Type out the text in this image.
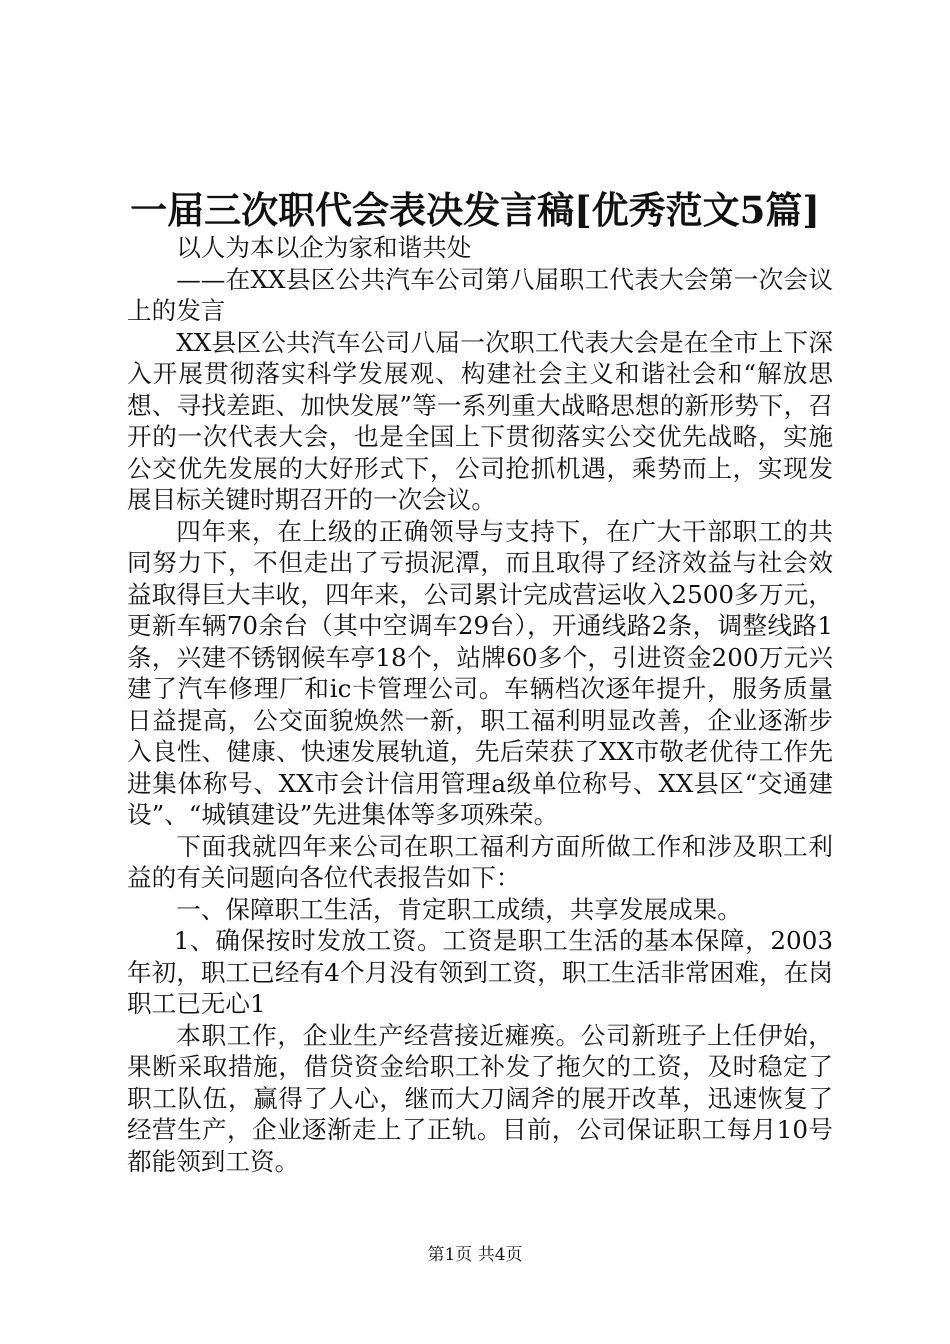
一届三次职代会表决发言稿[优秀范文5篇]

以人为本以企为家和谐共处

——在XX县区公共汽车公司第八届职工代表大会第一次会议上的发言

XX县区公共汽车公司八届一次职工代表大会是在全市上下深入开展贯彻落实科学发展观、构建社会主义和谐社会和“解放思想、寻找差距、加快发展”等一系列重大战略思想的新形势下，召开的一次代表大会，也是全国上下贯彻落实公交优先战略，实施公交优先发展的大好形式下，公司抢抓机遇，乘势而上，实现发展目标关键时期召开的一次会议。

四年来，在上级的正确领导与支持下，在广大干部职工的共同努力下，不但走出了亏损泥潭，而且取得了经济效益与社会效益取得巨大丰收，四年来，公司累计完成营运收入2500多万元，更新车辆70余台（其中空调车29台），开通线路2条，调整线路1条，兴建不锈钢候车亭18个，站牌60多个，引进资金200万元兴建了汽车修理厂和ic卡管理公司。车辆档次逐年提升，服务质量日益提高，公交面貌焕然一新，职工福利明显改善，企业逐渐步入良性、健康、快速发展轨道，先后荣获了XX市敬老优待工作先进集体称号、XX市会计信用管理a级单位称号、XX县区“交通建设”、“城镇建设”先进集体等多项殊荣。

下面我就四年来公司在职工福利方面所做工作和涉及职工利益的有关问题向各位代表报告如下：

一、保障职工生活，肯定职工成绩，共享发展成果。

1、确保按时发放工资。工资是职工生活的基本保障，2003年初，职工已经有4个月没有领到工资，职工生活非常困难，在岗职工已无心1

本职工作，企业生产经营接近瘫痪。公司新班子上任伊始，果断采取措施，借贷资金给职工补发了拖欠的工资，及时稳定了职工队伍，赢得了人心，继而大刀阔斧的展开改革，迅速恢复了经营生产，企业逐渐走上了正轨。目前，公司保证职工每月10号都能领到工资。

第1页 共4页
